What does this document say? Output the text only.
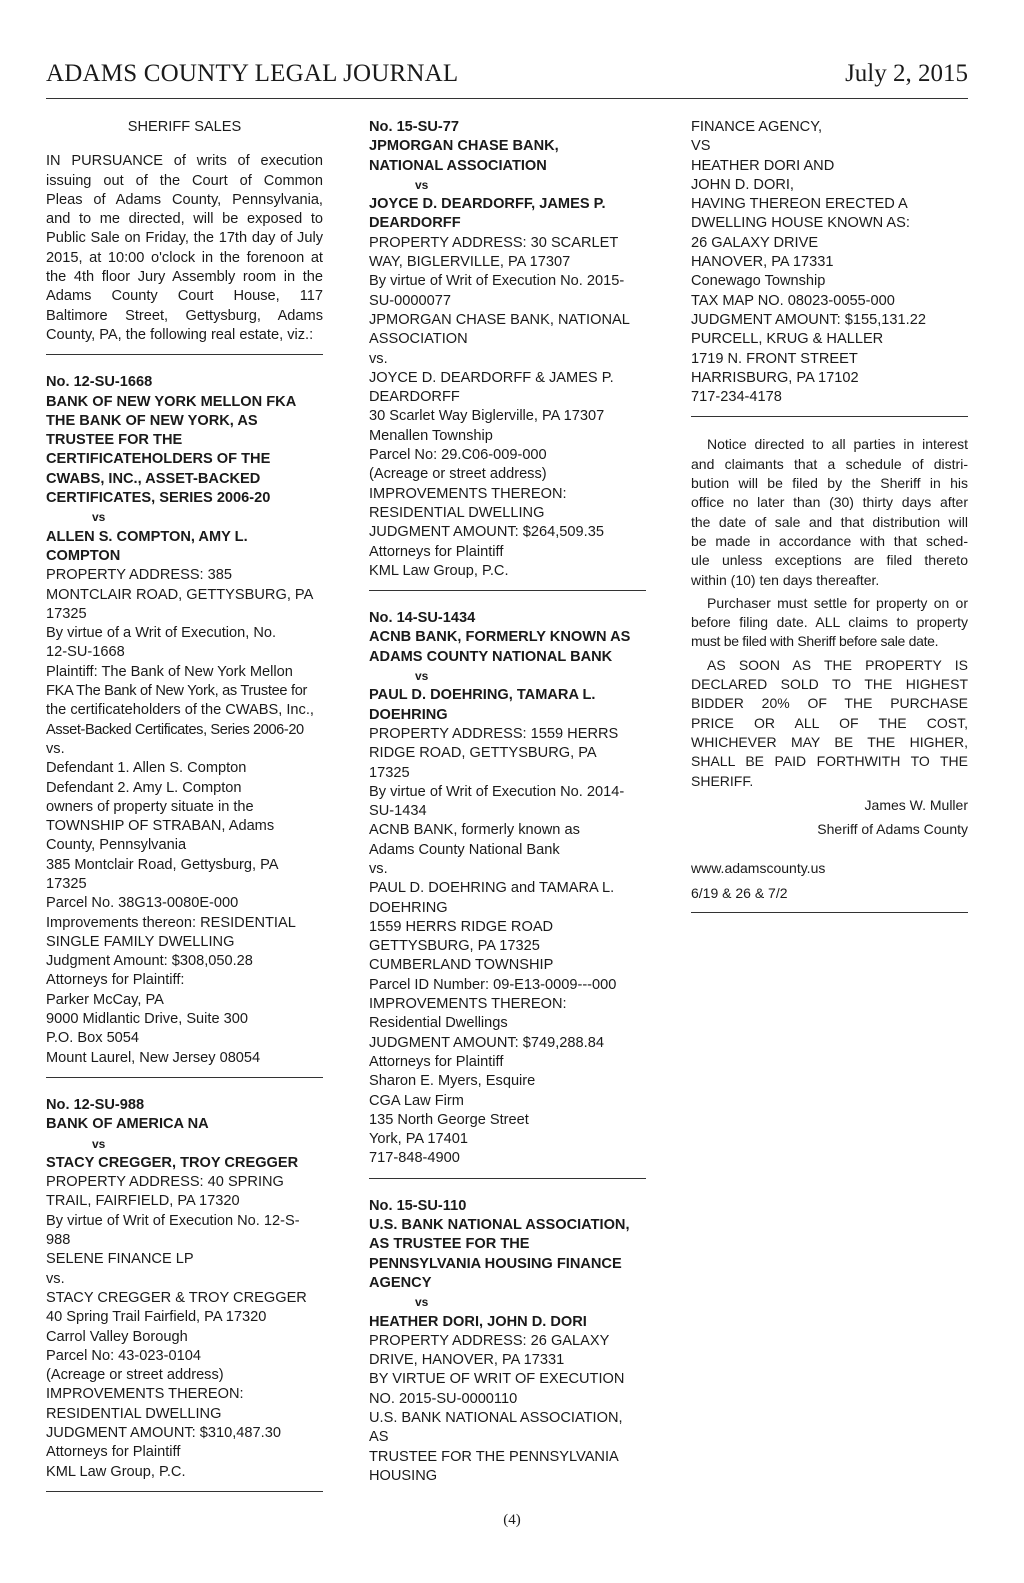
ADAMS COUNTY LEGAL JOURNAL	July 2, 2015
SHERIFF SALES
IN PURSUANCE of writs of execution
issuing out of the Court of Common
Pleas of Adams County, Pennsylvania,
and to me directed, will be exposed to
Public Sale on Friday, the 17th day of July
2015, at 10:00 o'clock in the forenoon at
the 4th floor Jury Assembly room in the
Adams County Court House, 117
Baltimore Street, Gettysburg, Adams
County, PA, the following real estate, viz.:
No. 12-SU-1668
BANK OF NEW YORK MELLON FKA
THE BANK OF NEW YORK, AS
TRUSTEE FOR THE
CERTIFICATEHOLDERS OF THE
CWABS, INC., ASSET-BACKED
CERTIFICATES, SERIES 2006-20
vs
ALLEN S. COMPTON, AMY L.
COMPTON
PROPERTY ADDRESS: 385
MONTCLAIR ROAD, GETTYSBURG, PA
17325
By virtue of a Writ of Execution, No.
12-SU-1668
Plaintiff: The Bank of New York Mellon
FKA The Bank of New York, as Trustee for
the certificateholders of the CWABS, Inc.,
Asset-Backed Certificates, Series 2006-20
vs.
Defendant 1. Allen S. Compton
Defendant 2. Amy L. Compton
owners of property situate in the
TOWNSHIP OF STRABAN, Adams
County, Pennsylvania
385 Montclair Road, Gettysburg, PA
17325
Parcel No. 38G13-0080E-000
Improvements thereon: RESIDENTIAL
SINGLE FAMILY DWELLING
Judgment Amount: $308,050.28
Attorneys for Plaintiff:
Parker McCay, PA
9000 Midlantic Drive, Suite 300
P.O. Box 5054
Mount Laurel, New Jersey 08054
No. 12-SU-988
BANK OF AMERICA NA
vs
STACY CREGGER, TROY CREGGER
PROPERTY ADDRESS: 40 SPRING
TRAIL, FAIRFIELD, PA 17320
By virtue of Writ of Execution No. 12-S-
988
SELENE FINANCE LP
vs.
STACY CREGGER & TROY CREGGER
40 Spring Trail Fairfield, PA 17320
Carrol Valley Borough
Parcel No: 43-023-0104
(Acreage or street address)
IMPROVEMENTS THEREON:
RESIDENTIAL DWELLING
JUDGMENT AMOUNT: $310,487.30
Attorneys for Plaintiff
KML Law Group, P.C.
No. 15-SU-77
JPMORGAN CHASE BANK,
NATIONAL ASSOCIATION
vs
JOYCE D. DEARDORFF, JAMES P.
DEARDORFF
PROPERTY ADDRESS: 30 SCARLET
WAY, BIGLERVILLE, PA 17307
By virtue of Writ of Execution No. 2015-
SU-0000077
JPMORGAN CHASE BANK, NATIONAL
ASSOCIATION
vs.
JOYCE D. DEARDORFF & JAMES P.
DEARDORFF
30 Scarlet Way Biglerville, PA 17307
Menallen Township
Parcel No: 29.C06-009-000
(Acreage or street address)
IMPROVEMENTS THEREON:
RESIDENTIAL DWELLING
JUDGMENT AMOUNT: $264,509.35
Attorneys for Plaintiff
KML Law Group, P.C.
No. 14-SU-1434
ACNB BANK, FORMERLY KNOWN AS
ADAMS COUNTY NATIONAL BANK
vs
PAUL D. DOEHRING, TAMARA L.
DOEHRING
PROPERTY ADDRESS: 1559 HERRS
RIDGE ROAD, GETTYSBURG, PA
17325
By virtue of Writ of Execution No. 2014-
SU-1434
ACNB BANK, formerly known as
Adams County National Bank
vs.
PAUL D. DOEHRING and TAMARA L.
DOEHRING
1559 HERRS RIDGE ROAD
GETTYSBURG, PA 17325
CUMBERLAND TOWNSHIP
Parcel ID Number: 09-E13-0009---000
IMPROVEMENTS THEREON:
Residential Dwellings
JUDGMENT AMOUNT: $749,288.84
Attorneys for Plaintiff
Sharon E. Myers, Esquire
CGA Law Firm
135 North George Street
York, PA 17401
717-848-4900
No. 15-SU-110
U.S. BANK NATIONAL ASSOCIATION,
AS TRUSTEE FOR THE
PENNSYLVANIA HOUSING FINANCE
AGENCY
vs
HEATHER DORI, JOHN D. DORI
PROPERTY ADDRESS: 26 GALAXY
DRIVE, HANOVER, PA 17331
BY VIRTUE OF WRIT OF EXECUTION
NO. 2015-SU-0000110
U.S. BANK NATIONAL ASSOCIATION,
AS
TRUSTEE FOR THE PENNSYLVANIA
HOUSING
FINANCE AGENCY,
VS
HEATHER DORI AND
JOHN D. DORI,
HAVING THEREON ERECTED A
DWELLING HOUSE KNOWN AS:
26 GALAXY DRIVE
HANOVER, PA 17331
Conewago Township
TAX MAP NO. 08023-0055-000
JUDGMENT AMOUNT: $155,131.22
PURCELL, KRUG & HALLER
1719 N. FRONT STREET
HARRISBURG, PA 17102
717-234-4178
Notice directed to all parties in interest
and claimants that a schedule of distri-
bution will be filed by the Sheriff in his
office no later than (30) thirty days after
the date of sale and that distribution will
be made in accordance with that sched-
ule unless exceptions are filed thereto
within (10) ten days thereafter.
Purchaser must settle for property on or
before filing date. ALL claims to property
must be filed with Sheriff before sale date.
AS SOON AS THE PROPERTY IS
DECLARED SOLD TO THE HIGHEST
BIDDER 20% OF THE PURCHASE
PRICE OR ALL OF THE COST,
WHICHEVER MAY BE THE HIGHER,
SHALL BE PAID FORTHWITH TO THE
SHERIFF.
James W. Muller
Sheriff of Adams County
www.adamscounty.us
6/19 & 26 & 7/2
(4)
